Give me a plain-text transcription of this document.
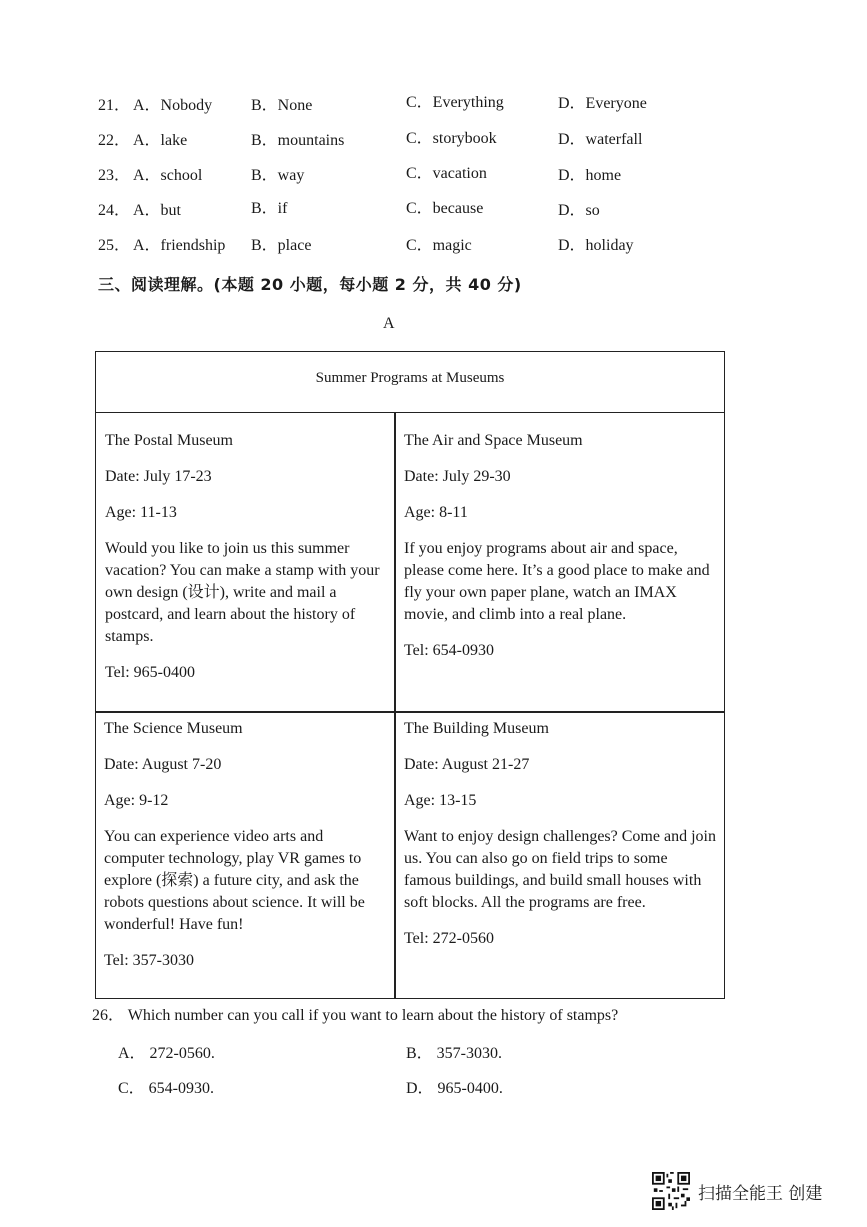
21． A．Nobody B．None	C．Everything	D．Everyone
22． A．lake	B．mountains	C．storybook	D．waterfall
23． A．school	B．way	C．vacation	D．home
24． A．but	B．if	C．because	D．so
25． A．friendship B．place	C．magic	D．holiday
三、阅读理解。(本题 20 小题，每小题 2 分，共 40 分)
A
Summer Programs at Museums

The Postal Museum

Date: July 17-23

Age: 11-13

Would you like to join us this summer vacation? You can make a stamp with your own design (设计), write and mail a postcard, and learn about the history of stamps.

Tel: 965-0400

The Air and Space Museum

Date: July 29-30

Age: 8-11

If you enjoy programs about air and space, please come here. It’s a good place to make and fly your own paper plane, watch an IMAX movie, and climb into a real plane.

Tel: 654-0930

The Science Museum

Date: August 7-20

Age: 9-12

You can experience video arts and computer technology, play VR games to explore (探索) a future city, and ask the robots questions about science. It will be wonderful! Have fun!

Tel: 357-3030

The Building Museum

Date: August 21-27

Age: 13-15

Want to enjoy design challenges? Come and join us. You can also go on field trips to some famous buildings, and build small houses with soft blocks. All the programs are free.

Tel: 272-0560

26． Which number can you call if you want to learn about the history of stamps?
A． 272-0560.	B． 357-3030.
C． 654-0930.	D． 965-0400.
扫描全能王 创建
